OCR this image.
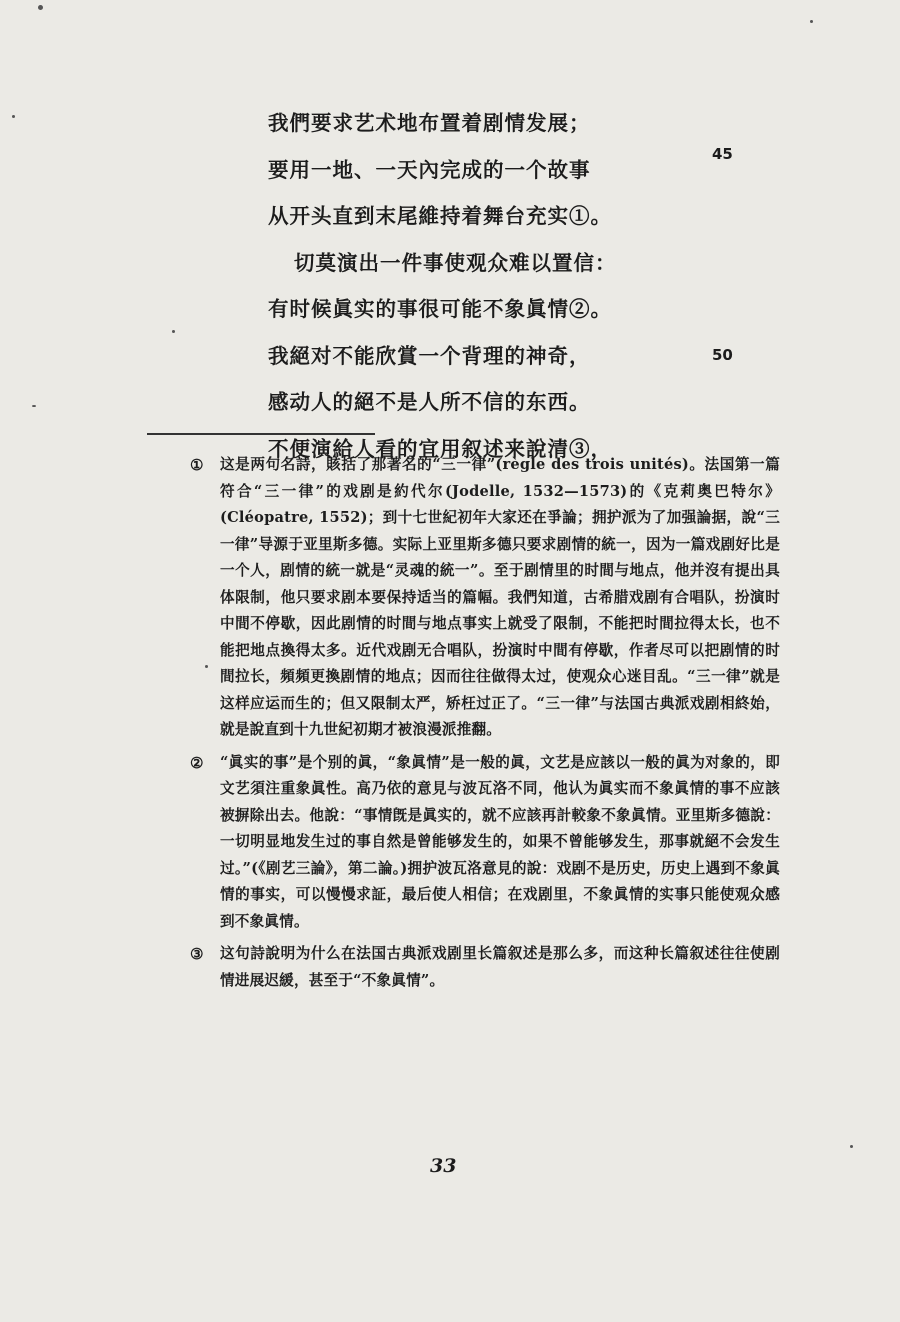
我們要求艺术地布置着剧情发展；
要用一地、一天內完成的一个故事
从开头直到末尾維持着舞台充实①。
切莫演出一件事使观众难以置信：
有时候眞实的事很可能不象眞情②。
我絕对不能欣賞一个背理的神奇，
感动人的絕不是人所不信的东西。
不便演給人看的宜用叙述来說清③，
45
50
① 这是两句名詩，賅括了那著名的“三一律”(règle des trois unités)。法国第一篇符合“三一律”的戏剧是約代尔(Jodelle, 1532—1573)的《克莉奥巴特尔》(Cléopatre, 1552)；到十七世紀初年大家还在爭論；拥护派为了加强論据，說“三一律”导源于亚里斯多德。实际上亚里斯多德只要求剧情的統一，因为一篇戏剧好比是一个人，剧情的統一就是“灵魂的統一”。至于剧情里的时間与地点，他并沒有提出具体限制，他只要求剧本要保持适当的篇幅。我們知道，古希腊戏剧有合唱队，扮演时中間不停歇，因此剧情的时間与地点事实上就受了限制，不能把时間拉得太长，也不能把地点換得太多。近代戏剧无合唱队，扮演时中間有停歇，作者尽可以把剧情的时間拉长，頻頻更換剧情的地点；因而往往做得太过，使观众心迷目乱。“三一律”就是这样应运而生的；但又限制太严，矫枉过正了。“三一律”与法国古典派戏剧相終始，就是說直到十九世紀初期才被浪漫派推翻。
② “眞实的事”是个别的眞，“象眞情”是一般的眞，文艺是应該以一般的眞为对象的，即文艺須注重象眞性。高乃依的意見与波瓦洛不同，他认为眞实而不象眞情的事不应該被摒除出去。他說：“事情旣是眞实的，就不应該再計較象不象眞情。亚里斯多德說：一切明显地发生过的事自然是曾能够发生的，如果不曾能够发生，那事就絕不会发生过。”(《剧艺三論》，第二論。)拥护波瓦洛意見的說：戏剧不是历史，历史上遇到不象眞情的事实，可以慢慢求証，最后使人相信；在戏剧里，不象眞情的实事只能使观众感到不象眞情。
③ 这句詩說明为什么在法国古典派戏剧里长篇叙述是那么多，而这种长篇叙述往往使剧情进展迟緩，甚至于“不象眞情”。
33
